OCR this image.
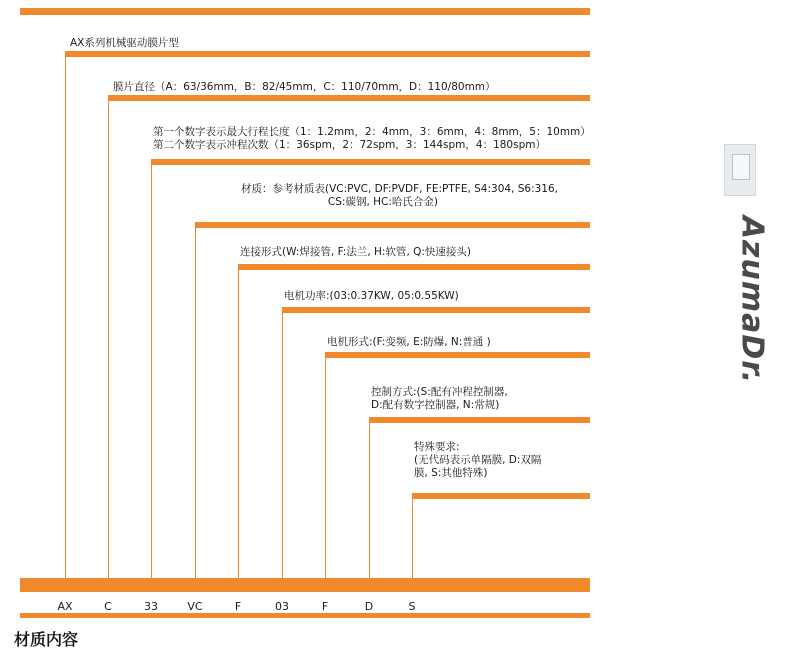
AX系列机械驱动膜片型
膜片直径（A：63/36mm，B：82/45mm，C：110/70mm，D：110/80mm）
第一个数字表示最大行程长度（1：1.2mm，2：4mm，3：6mm，4：8mm，5：10mm）
第二个数字表示冲程次数（1：36spm，2：72spm，3：144spm，4：180spm）
材质：参考材质表(VC:PVC, DF:PVDF, FE:PTFE, S4:304, S6:316,
CS:碳钢, HC:哈氏合金)
连接形式(W:焊接管, F:法兰, H:软管, Q:快速接头)
电机功率:(03:0.37KW, 05:0.55KW)
电机形式:(F:变频, E:防爆, N:普通 )
控制方式:(S:配有冲程控制器,
D:配有数字控制器, N:常规)
特殊要求:
(无代码表示单隔膜, D:双隔
膜, S:其他特殊)
AX	C	33	VC	F	03	F	D	S
材质内容
AzumaDr.
